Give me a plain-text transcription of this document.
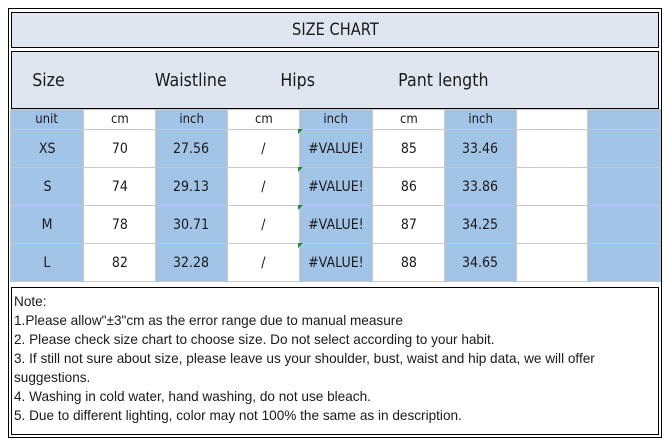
SIZE CHART
Size	Waistline	Hips	Pant length
unit	cm	inch	cm	inch	cm	inch		
XS	70	27.56	/	#VALUE!	85	33.46		
S	74	29.13	/	#VALUE!	86	33.86		
M	78	30.71	/	#VALUE!	87	34.25		
L	82	32.28	/	#VALUE!	88	34.65		
Note:
1.Please allow"±3"cm as the error range due to manual measure
2. Please check size chart to choose size. Do not select according to your habit.
3. If still not sure about size, please leave us your shoulder, bust, waist and hip data, we will offer suggestions.
4. Washing in cold water, hand washing, do not use bleach.
5. Due to different lighting, color may not 100% the same as in description.
